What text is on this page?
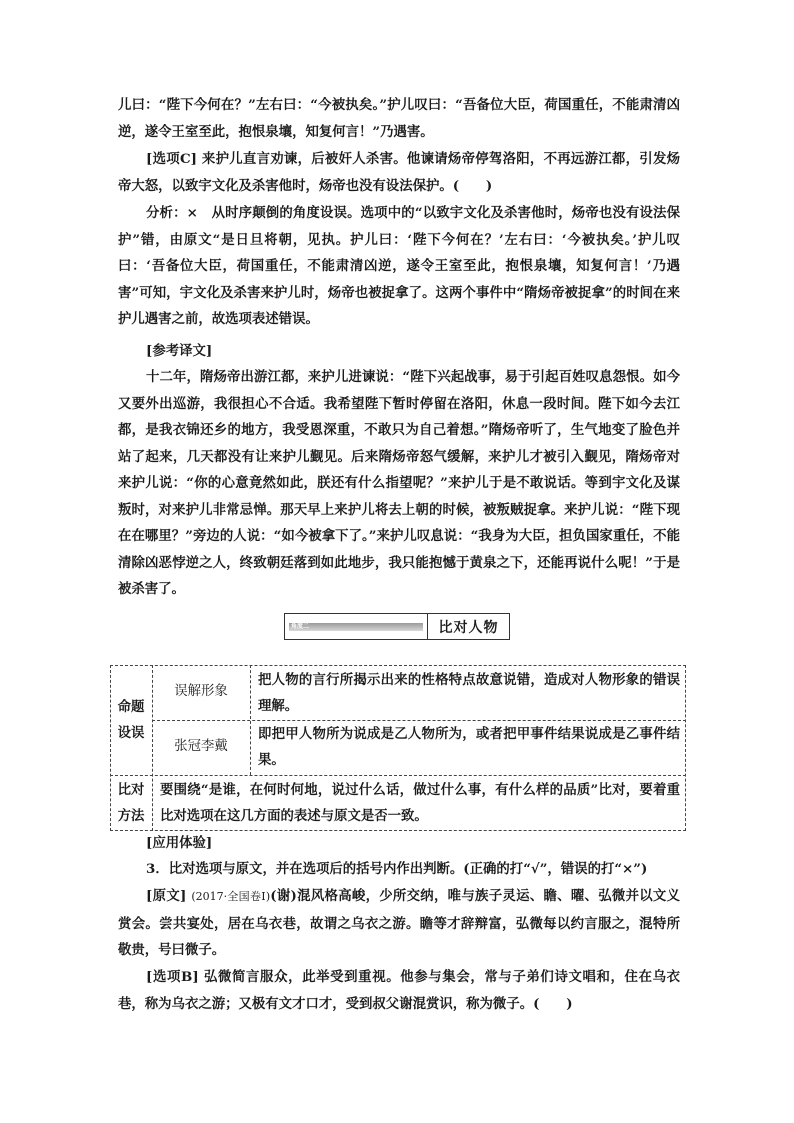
儿曰：“陛下今何在？”左右曰：“今被执矣。”护儿叹曰：“吾备位大臣，荷国重任，不能肃清凶逆，遂令王室至此，抱恨泉壤，知复何言！”乃遇害。

[选项C] 来护儿直言劝谏，后被奸人杀害。他谏请炀帝停驾洛阳，不再远游江都，引发炀帝大怒，以致宇文化及杀害他时，炀帝也没有设法保护。(　　)

分析：×　从时序颠倒的角度设误。选项中的“以致宇文化及杀害他时，炀帝也没有设法保护”错，由原文“是日旦将朝，见执。护儿曰：‘陛下今何在？’左右曰：‘今被执矣。’护儿叹曰：‘吾备位大臣，荷国重任，不能肃清凶逆，遂令王室至此，抱恨泉壤，知复何言！’乃遇害”可知，宇文化及杀害来护儿时，炀帝也被捉拿了。这两个事件中“隋炀帝被捉拿”的时间在来护儿遇害之前，故选项表述错误。

[参考译文]

十二年，隋炀帝出游江都，来护儿进谏说：“陛下兴起战事，易于引起百姓叹息怨恨。如今又要外出巡游，我很担心不合适。我希望陛下暂时停留在洛阳，休息一段时间。陛下如今去江都，是我衣锦还乡的地方，我受恩深重，不敢只为自己着想。”隋炀帝听了，生气地变了脸色并站了起来，几天都没有让来护儿觐见。后来隋炀帝怒气缓解，来护儿才被引入觐见，隋炀帝对来护儿说：“你的心意竟然如此，朕还有什么指望呢？”来护儿于是不敢说话。等到宇文化及谋叛时，对来护儿非常忌惮。那天早上来护儿将去上朝的时候，被叛贼捉拿。来护儿说：“陛下现在在哪里？”旁边的人说：“如今被拿下了。”来护儿叹息说：“我身为大臣，担负国家重任，不能清除凶恶悖逆之人，终致朝廷落到如此地步，我只能抱憾于黄泉之下，还能再说什么呢！”于是被杀害了。

角度二	比对人物
命题设误
误解形象
把人物的言行所揭示出来的性格特点故意说错，造成对人物形象的错误理解。
张冠李戴
即把甲人物所为说成是乙人物所为，或者把甲事件结果说成是乙事件结果。
比对方法
要围绕“是谁，在何时何地，说过什么话，做过什么事，有什么样的品质”比对，要着重比对选项在这几方面的表述与原文是否一致。

[应用体验]

3．比对选项与原文，并在选项后的括号内作出判断。(正确的打“√”，错误的打“×”)

[原文] (2017·全国卷Ⅰ)(谢)混风格高峻，少所交纳，唯与族子灵运、瞻、曜、弘微并以文义赏会。尝共宴处，居在乌衣巷，故谓之乌衣之游。瞻等才辞辩富，弘微每以约言服之，混特所敬贵，号曰微子。

[选项B] 弘微简言服众，此举受到重视。他参与集会，常与子弟们诗文唱和，住在乌衣巷，称为乌衣之游；又极有文才口才，受到叔父谢混赏识，称为微子。(　　)
